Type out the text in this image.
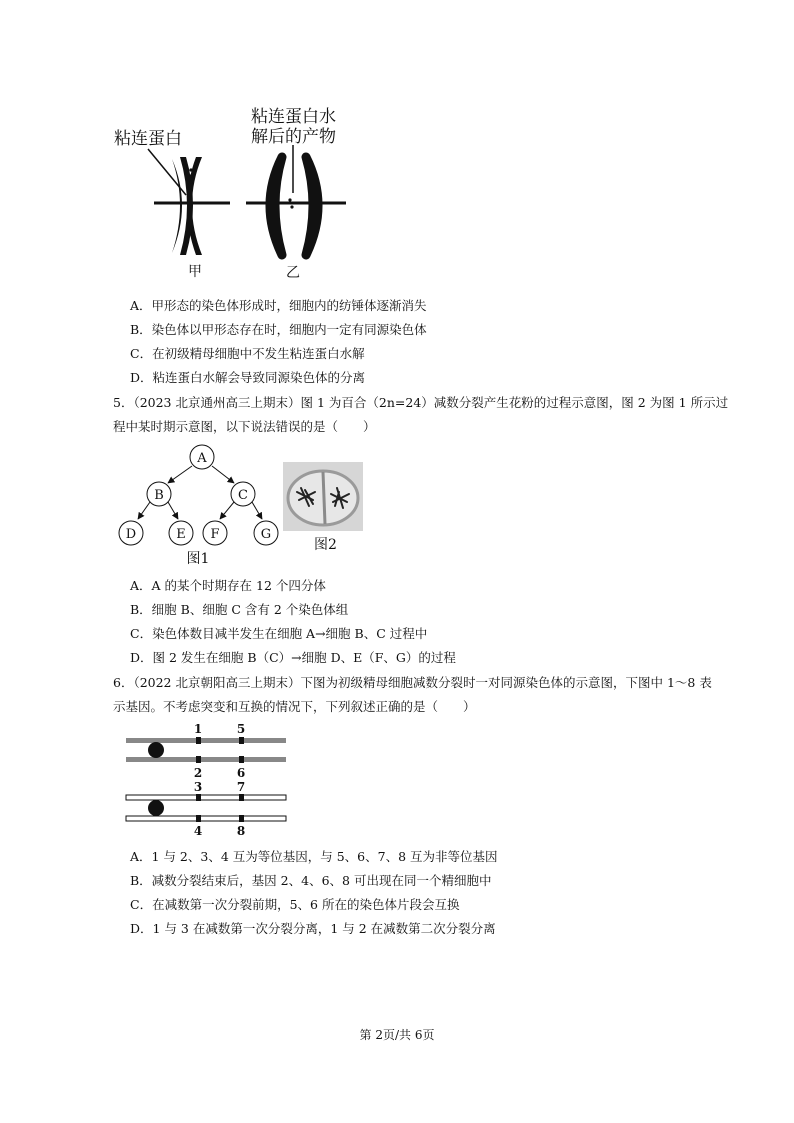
粘连蛋白
粘连蛋白水
解后的产物
甲	乙
A．甲形态的染色体形成时，细胞内的纺锤体逐渐消失
B．染色体以甲形态存在时，细胞内一定有同源染色体
C．在初级精母细胞中不发生粘连蛋白水解
D．粘连蛋白水解会导致同源染色体的分离
5．（2023 北京通州高三上期末）图 1 为百合（2n=24）减数分裂产生花粉的过程示意图，图 2 为图 1 所示过
程中某时期示意图，以下说法错误的是（　　）
A
B	C
D	E F	G
图1
图2
A．A 的某个时期存在 12 个四分体
B．细胞 B、细胞 C 含有 2 个染色体组
C．染色体数目减半发生在细胞 A→细胞 B、C 过程中
D．图 2 发生在细胞 B（C）→细胞 D、E（F、G）的过程
6．（2022 北京朝阳高三上期末）下图为初级精母细胞减数分裂时一对同源染色体的示意图，下图中 1～8 表
示基因。不考虑突变和互换的情况下，下列叙述正确的是（　　）
1	5
2	6
3	7
4	8
A．1 与 2、3、4 互为等位基因，与 5、6、7、8 互为非等位基因
B．减数分裂结束后，基因 2、4、6、8 可出现在同一个精细胞中
C．在减数第一次分裂前期，5、6 所在的染色体片段会互换
D．1 与 3 在减数第一次分裂分离，1 与 2 在减数第二次分裂分离
第 2页/共 6页
